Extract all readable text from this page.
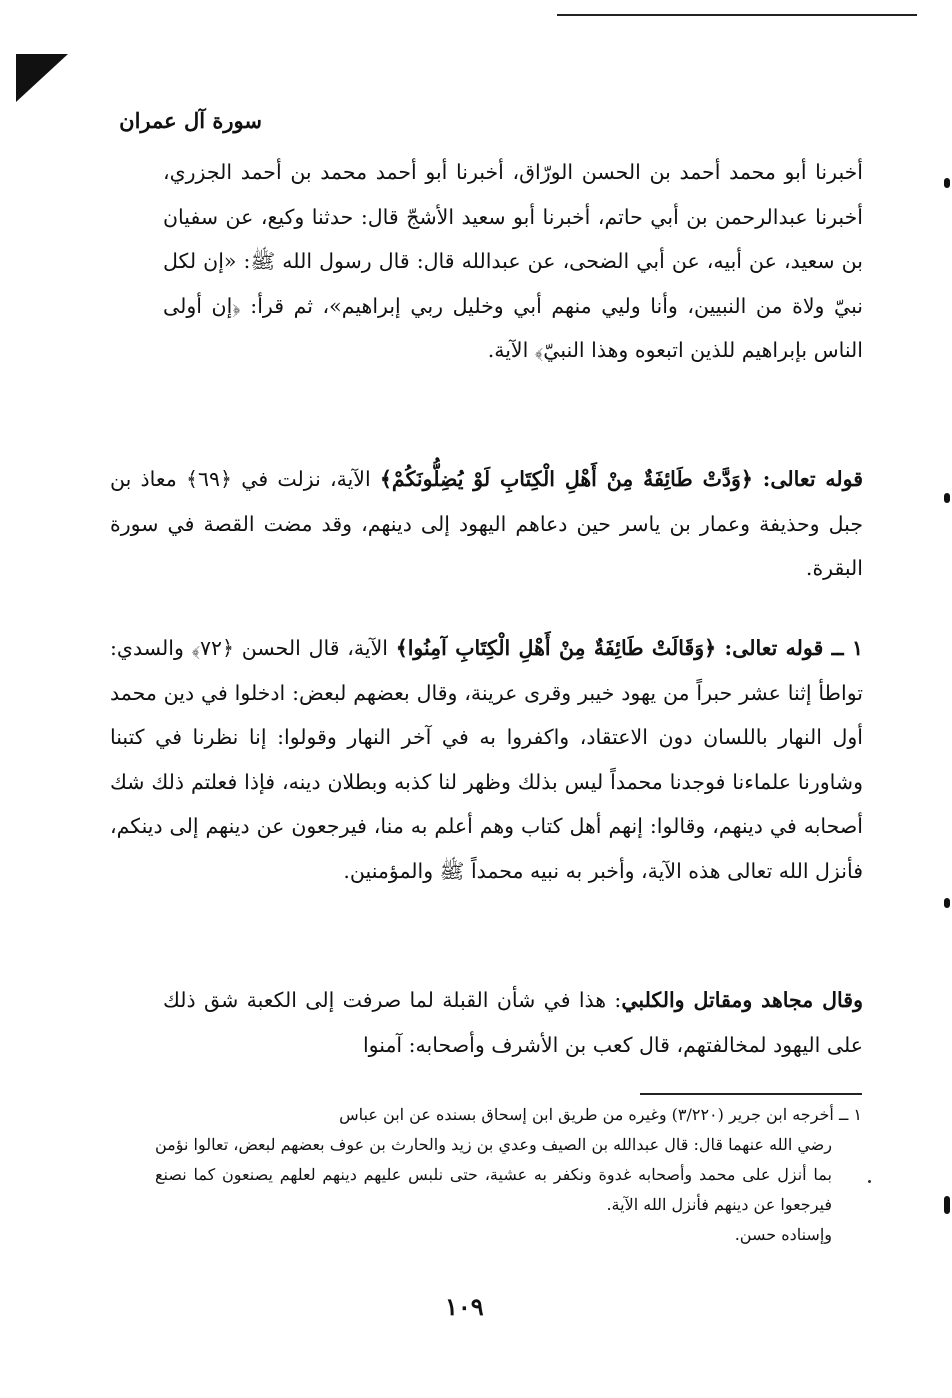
سورة آل عمران

أخبرنا أبو محمد أحمد بن الحسن الورّاق، أخبرنا أبو أحمد محمد بن أحمد الجزري، أخبرنا عبدالرحمن بن أبي حاتم، أخبرنا أبو سعيد الأشجّ قال: حدثنا وكيع، عن سفيان بن سعيد، عن أبيه، عن أبي الضحى، عن عبدالله قال: قال رسول الله ﷺ: «إن لكل نبيّ ولاة من النبيين، وأنا وليي منهم أبي وخليل ربي إبراهيم»، ثم قرأ: ﴿إن أولى الناس بإبراهيم للذين اتبعوه وهذا النبيّ﴾ الآية.

قوله تعالى: ﴿وَدَّتْ طَائِفَةٌ مِنْ أَهْلِ الْكِتَابِ لَوْ يُضِلُّونَكُمْ﴾ الآية، نزلت في ﴿٦٩﴾ معاذ بن جبل وحذيفة وعمار بن ياسر حين دعاهم اليهود إلى دينهم، وقد مضت القصة في سورة البقرة.

١ ــ قوله تعالى: ﴿وَقَالَتْ طَائِفَةٌ مِنْ أَهْلِ الْكِتَابِ آمِنُوا﴾ الآية، قال الحسن ﴿٧٢﴾ والسدي: تواطأ إثنا عشر حبراً من يهود خيبر وقرى عرينة، وقال بعضهم لبعض: ادخلوا في دين محمد أول النهار باللسان دون الاعتقاد، واكفروا به في آخر النهار وقولوا: إنا نظرنا في كتبنا وشاورنا علماءنا فوجدنا محمداً ليس بذلك وظهر لنا كذبه وبطلان دينه، فإذا فعلتم ذلك شك أصحابه في دينهم، وقالوا: إنهم أهل كتاب وهم أعلم به منا، فيرجعون عن دينهم إلى دينكم، فأنزل الله تعالى هذه الآية، وأخبر به نبيه محمداً ﷺ والمؤمنين.

وقال مجاهد ومقاتل والكلبي: هذا في شأن القبلة لما صرفت إلى الكعبة شق ذلك على اليهود لمخالفتهم، قال كعب بن الأشرف وأصحابه: آمنوا

١ ــ أخرجه ابن جرير (٣/٢٢٠) وغيره من طريق ابن إسحاق بسنده عن ابن عباس

رضي الله عنهما قال: قال عبدالله بن الصيف وعدي بن زيد والحارث بن عوف بعضهم لبعض، تعالوا نؤمن بما أنزل على محمد وأصحابه غدوة ونكفر به عشية، حتى نلبس عليهم دينهم لعلهم يصنعون كما نصنع فيرجعوا عن دينهم فأنزل الله الآية.

وإسناده حسن.

١٠٩
